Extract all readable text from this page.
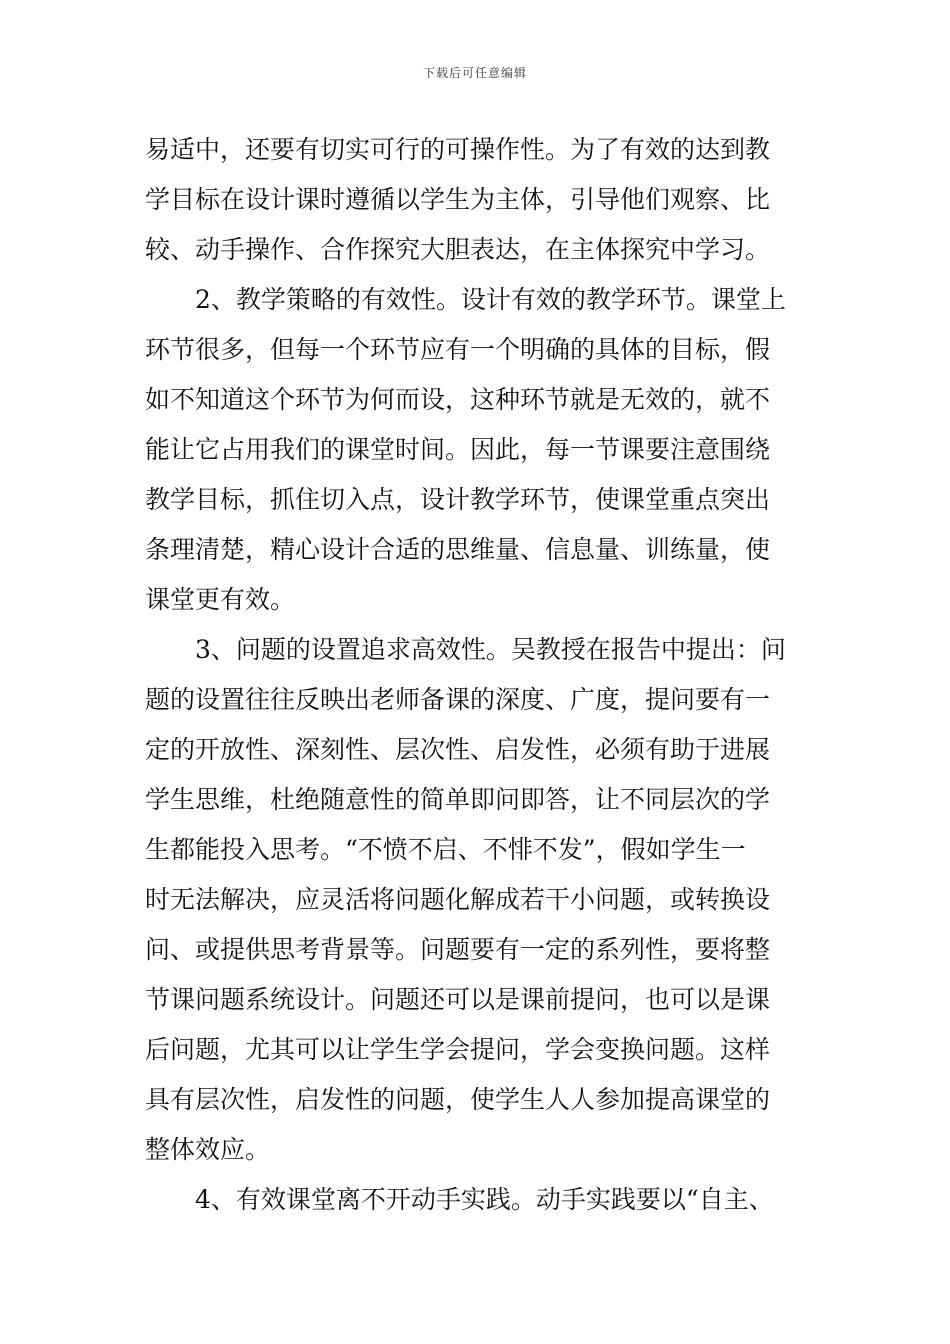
下载后可任意编辑

易适中，还要有切实可行的可操作性。为了有效的达到教
学目标在设计课时遵循以学生为主体，引导他们观察、比
较、动手操作、合作探究大胆表达，在主体探究中学习。

2、教学策略的有效性。设计有效的教学环节。课堂上
环节很多，但每一个环节应有一个明确的具体的目标，假
如不知道这个环节为何而设，这种环节就是无效的，就不
能让它占用我们的课堂时间。因此，每一节课要注意围绕
教学目标，抓住切入点，设计教学环节，使课堂重点突出
条理清楚，精心设计合适的思维量、信息量、训练量，使
课堂更有效。

3、问题的设置追求高效性。吴教授在报告中提出：问
题的设置往往反映出老师备课的深度、广度，提问要有一
定的开放性、深刻性、层次性、启发性，必须有助于进展
学生思维，杜绝随意性的简单即问即答，让不同层次的学
生都能投入思考。“不愤不启、不悱不发”，假如学生一
时无法解决，应灵活将问题化解成若干小问题，或转换设
问、或提供思考背景等。问题要有一定的系列性，要将整
节课问题系统设计。问题还可以是课前提问，也可以是课
后问题，尤其可以让学生学会提问，学会变换问题。这样
具有层次性，启发性的问题，使学生人人参加提高课堂的
整体效应。

4、有效课堂离不开动手实践。动手实践要以“自主、
